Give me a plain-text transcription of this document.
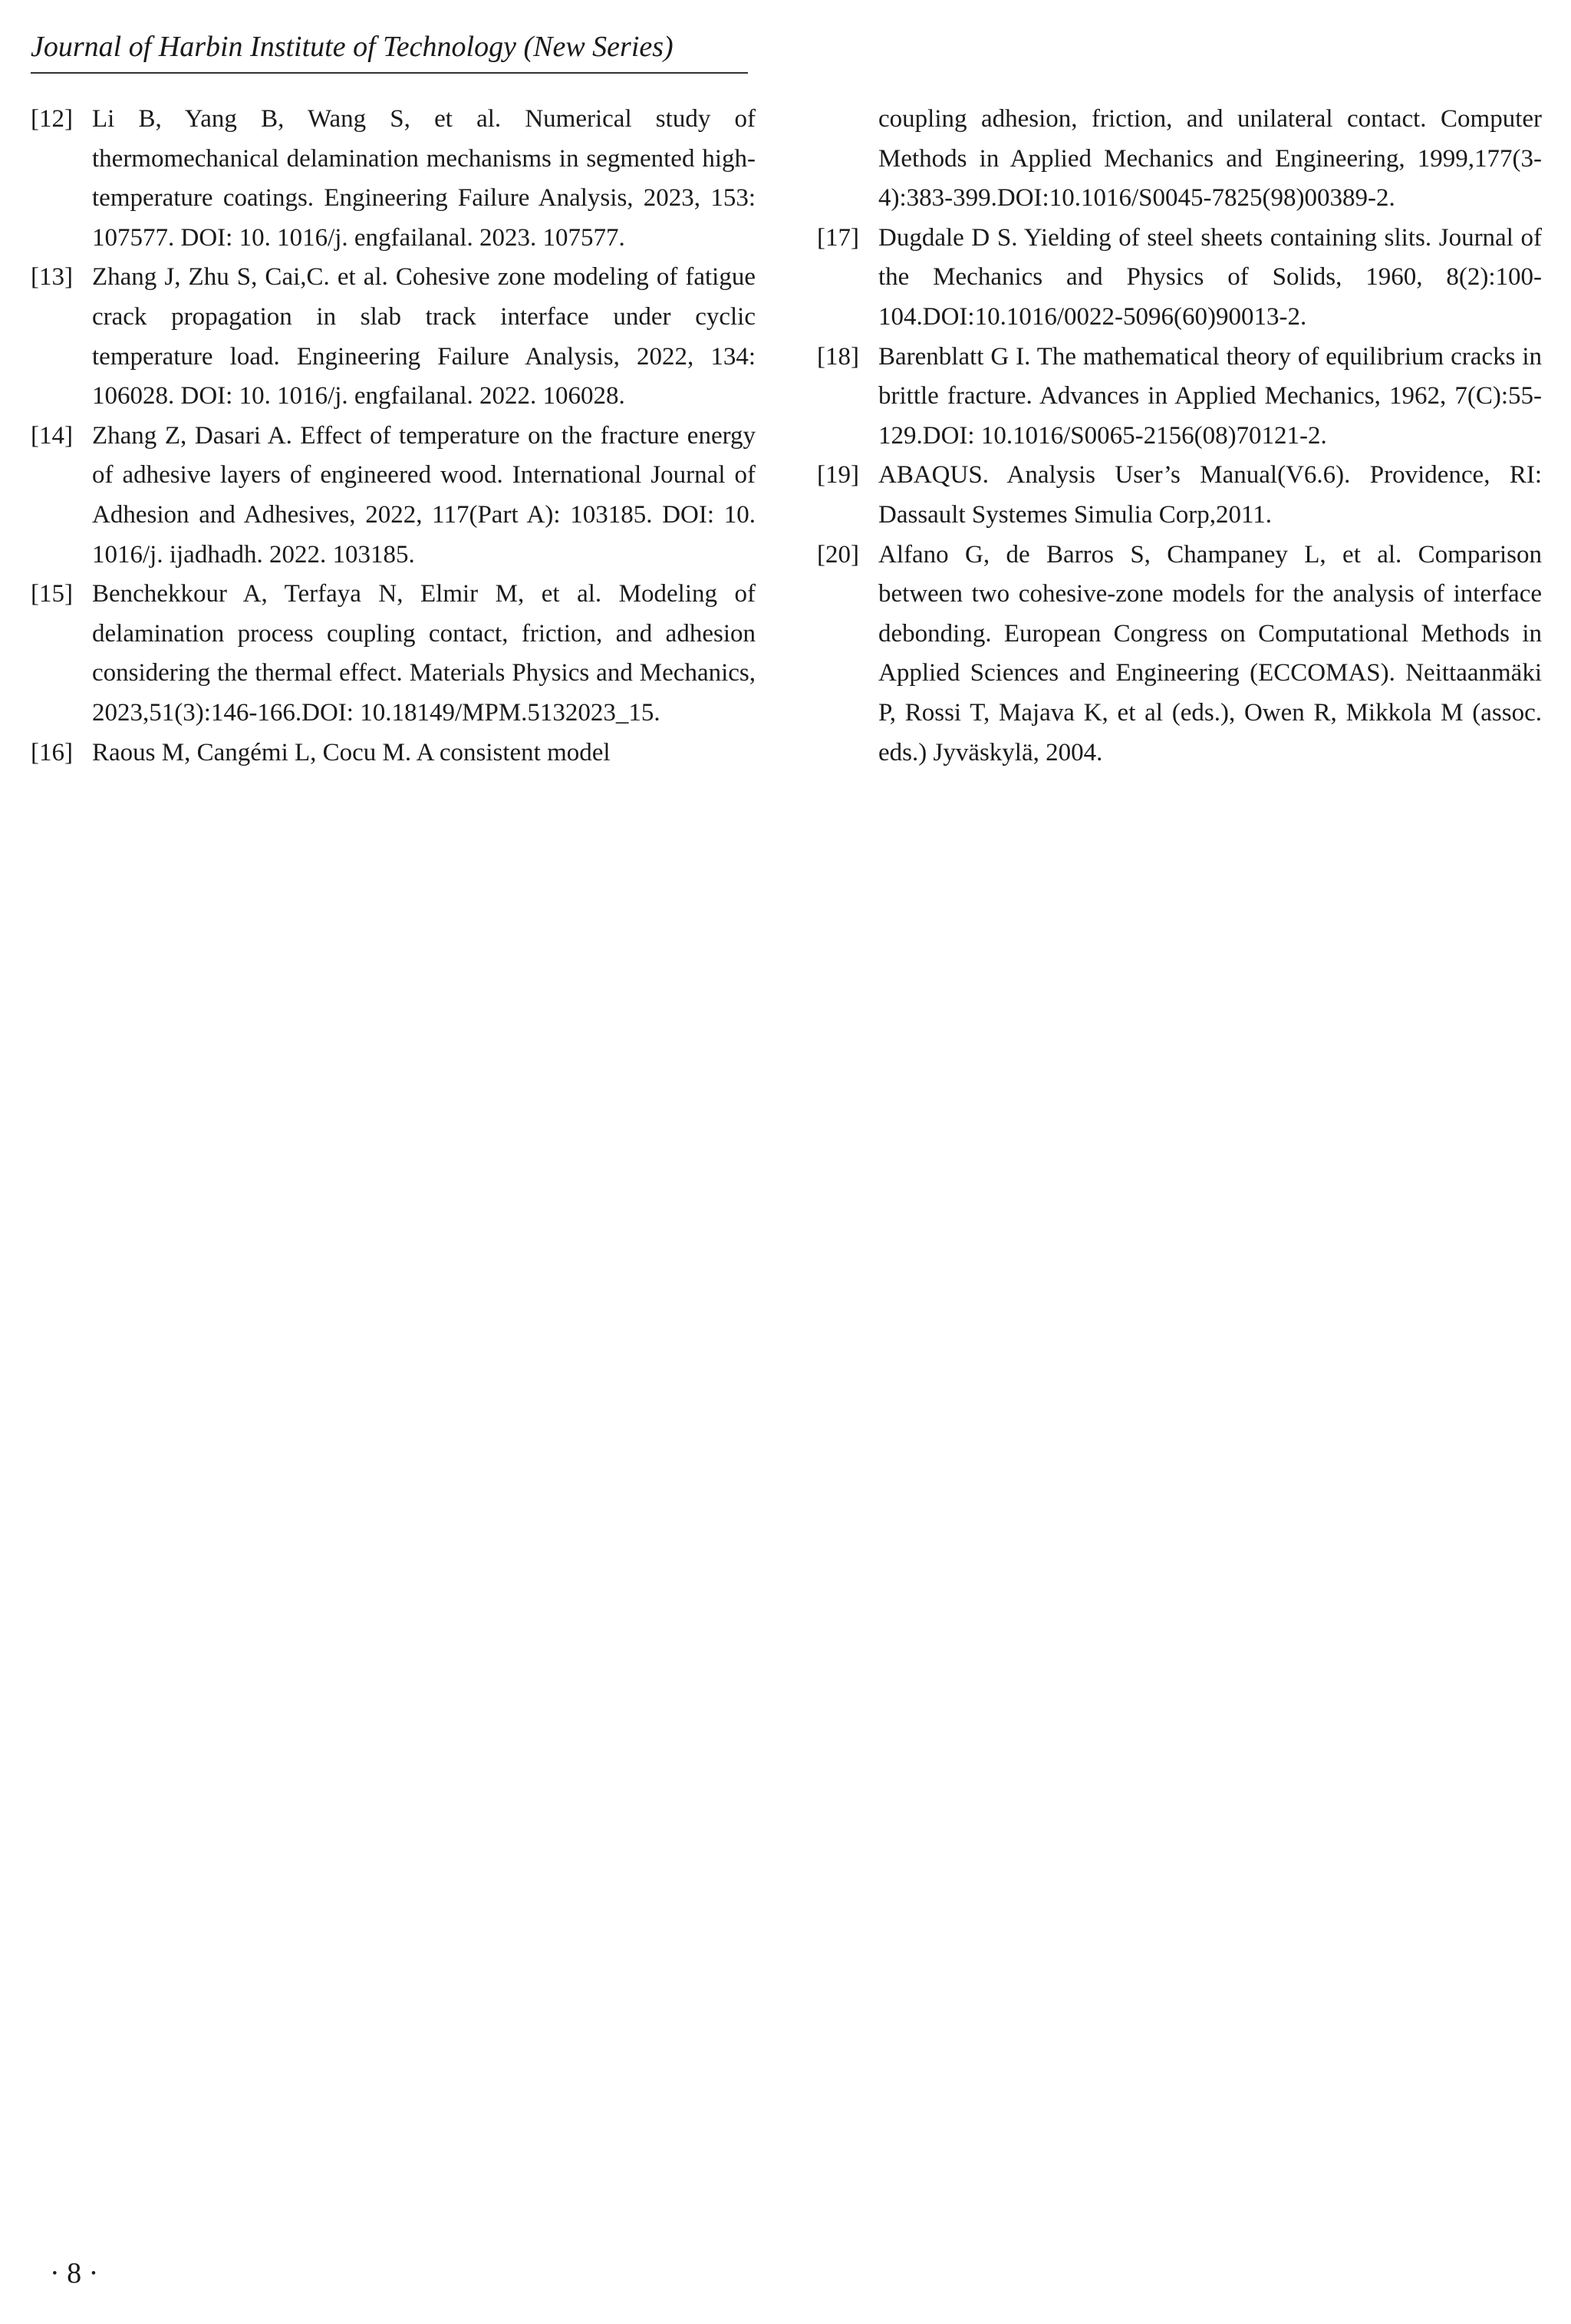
Journal of Harbin Institute of Technology (New Series)
[12] Li B, Yang B, Wang S, et al. Numerical study of thermomechanical delamination mechanisms in segmented high-temperature coatings. Engineering Failure Analysis, 2023, 153: 107577. DOI: 10. 1016/j. engfailanal. 2023. 107577.
[13] Zhang J, Zhu S, Cai,C. et al. Cohesive zone modeling of fatigue crack propagation in slab track interface under cyclic temperature load. Engineering Failure Analysis, 2022, 134: 106028. DOI: 10. 1016/j. engfailanal. 2022. 106028.
[14] Zhang Z, Dasari A. Effect of temperature on the fracture energy of adhesive layers of engineered wood. International Journal of Adhesion and Adhesives, 2022, 117(Part A): 103185. DOI: 10. 1016/j. ijadhadh. 2022. 103185.
[15] Benchekkour A, Terfaya N, Elmir M, et al. Modeling of delamination process coupling contact, friction, and adhesion considering the thermal effect. Materials Physics and Mechanics, 2023,51(3):146-166.DOI: 10.18149/MPM.5132023_15.
[16] Raous M, Cangémi L, Cocu M. A consistent model
coupling adhesion, friction, and unilateral contact. Computer Methods in Applied Mechanics and Engineering, 1999,177(3-4):383-399.DOI:10.1016/S0045-7825(98)00389-2.
[17] Dugdale D S. Yielding of steel sheets containing slits. Journal of the Mechanics and Physics of Solids, 1960, 8(2):100-104.DOI:10.1016/0022-5096(60)90013-2.
[18] Barenblatt G I. The mathematical theory of equilibrium cracks in brittle fracture. Advances in Applied Mechanics, 1962, 7(C):55-129.DOI: 10.1016/S0065-2156(08)70121-2.
[19] ABAQUS. Analysis User’s Manual(V6.6). Providence, RI: Dassault Systemes Simulia Corp,2011.
[20] Alfano G, de Barros S, Champaney L, et al. Comparison between two cohesive-zone models for the analysis of interface debonding. European Congress on Computational Methods in Applied Sciences and Engineering (ECCOMAS). Neittaanmäki P, Rossi T, Majava K, et al (eds.), Owen R, Mikkola M (assoc. eds.) Jyväskylä, 2004.
· 8 ·
